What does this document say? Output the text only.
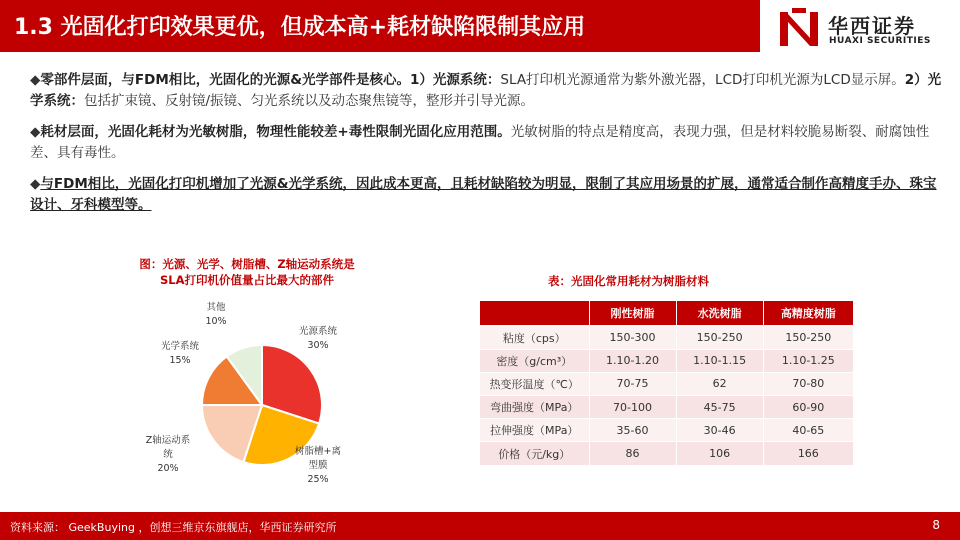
1.3 光固化打印效果更优，但成本高+耗材缺陷限制其应用	华西证券
HUAXI SECURITIES
◆零部件层面，与FDM相比，光固化的光源&光学部件是核心。1）光源系统：SLA打印机光源通常为紫外激光器，LCD打印机光源为LCD显示屏。2）光学系统：包括扩束镜、反射镜/振镜、匀光系统以及动态聚焦镜等，整形并引导光源。
◆耗材层面，光固化耗材为光敏树脂，物理性能较差+毒性限制光固化应用范围。光敏树脂的特点是精度高，表现力强，但是材料较脆易断裂、耐腐蚀性差、具有毒性。
◆与FDM相比，光固化打印机增加了光源&光学系统，因此成本更高，且耗材缺陷较为明显，限制了其应用场景的扩展，通常适合制作高精度手办、珠宝设计、牙科模型等。
图：光源、光学、树脂槽、Z轴运动系统是
SLA打印机价值量占比最大的部件
光源系统
30%
树脂槽+离
型膜
25%
Z轴运动系
统
20%
光学系统
15%
其他
10%
表：光固化常用耗材为树脂材料
	刚性树脂	水洗树脂	高精度树脂
粘度（cps）	150-300	150-250	150-250
密度（g/cm³）	1.10-1.20	1.10-1.15	1.10-1.25
热变形温度（℃）	70-75	62	70-80
弯曲强度（MPa）	70-100	45-75	60-90
拉伸强度（MPa）	35-60	30-46	40-65
价格（元/kg）	86	106	166
资料来源： GeekBuying ，创想三维京东旗舰店，华西证券研究所	8
